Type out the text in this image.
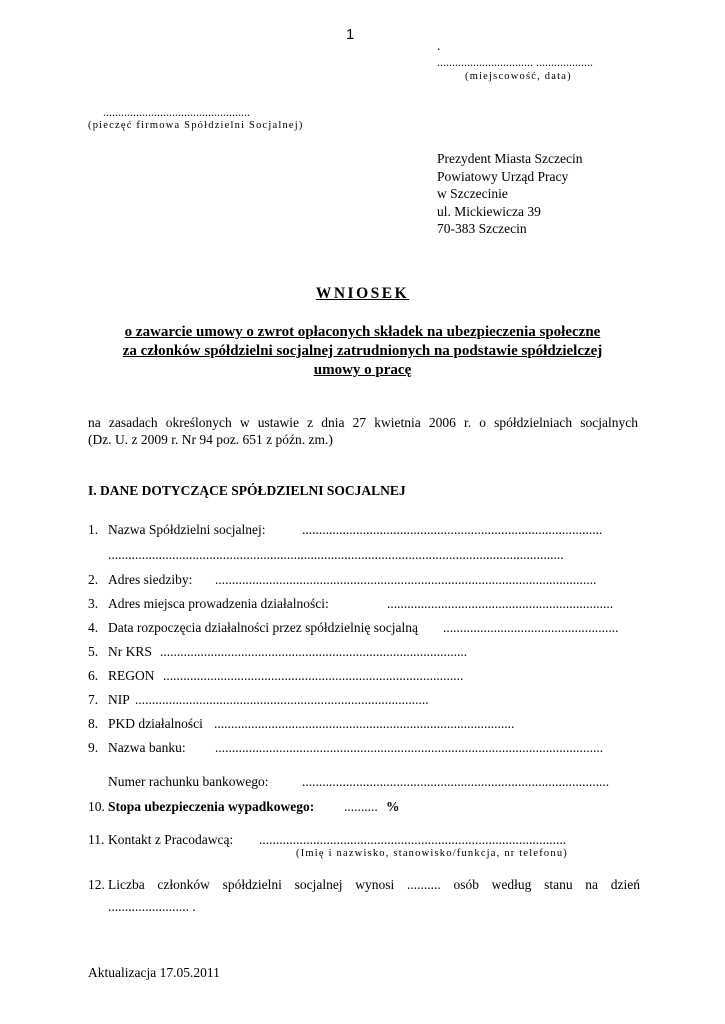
1
.
................................ ...................
(miejscowość, data)
.................................................
(pieczęć firmowa Spółdzielni Socjalnej)
Prezydent Miasta Szczecin
Powiatowy Urząd Pracy
w Szczecinie
ul. Mickiewicza 39
70-383 Szczecin
WNIOSEK
o zawarcie umowy o zwrot opłaconych składek na ubezpieczenia społeczne
za członków spółdzielni socjalnej zatrudnionych na podstawie spółdzielczej
umowy o pracę
na zasadach określonych w ustawie z dnia 27 kwietnia 2006 r. o spółdzielniach socjalnych
(Dz. U. z 2009 r. Nr 94 poz. 651 z późn. zm.)
I. DANE DOTYCZĄCE SPÓŁDZIELNI SOCJALNEJ
1. Nazwa Spółdzielni socjalnej:	.........................................................................................
.......................................................................................................................................
2. Adres siedziby: .................................................................................................................
3. Adres miejsca prowadzenia działalności:	...................................................................
4. Data rozpoczęcia działalności przez spółdzielnię socjalną ....................................................
5. Nr KRS ...........................................................................................
6. REGON .........................................................................................
7. NIP .......................................................................................
8. PKD działalności .........................................................................................
9. Nazwa banku: ...................................................................................................................
Numer rachunku bankowego: ...........................................................................................
10. Stopa ubezpieczenia wypadkowego: .......... %
11. Kontakt z Pracodawcą: ...........................................................................................
(Imię i nazwisko, stanowisko/funkcja, nr telefonu)
12. Liczba członków spółdzielni socjalnej wynosi .......... osób według stanu na dzień
........................ .
Aktualizacja 17.05.2011
